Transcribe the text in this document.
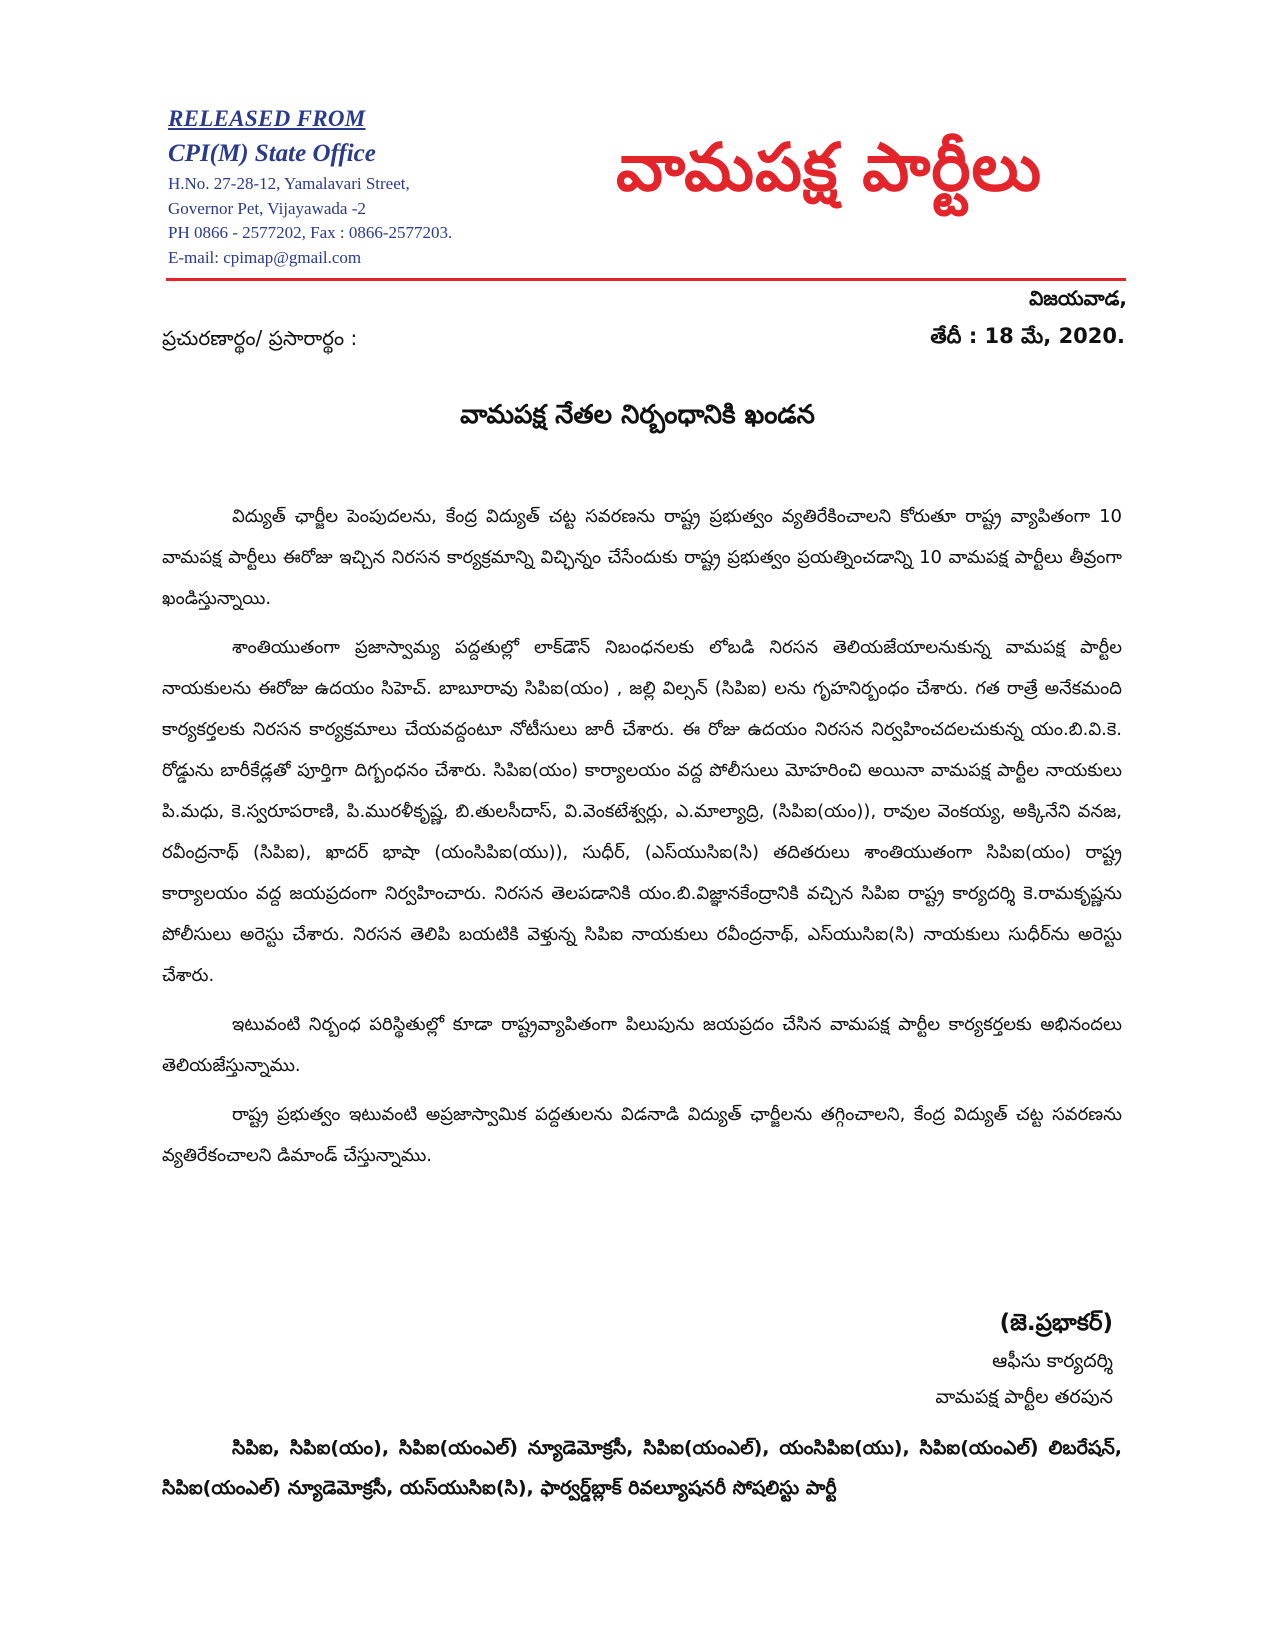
RELEASED FROM
CPI(M) State Office
H.No. 27-28-12, Yamalavari Street,
Governor Pet, Vijayawada -2
PH 0866 - 2577202, Fax : 0866-2577203.
E-mail: cpimap@gmail.com
వామపక్ష పార్టీలు
విజయవాడ,
ప్రచురణార్థం/ ప్రసారార్థం :	తేదీ : 18 మే, 2020.
వామపక్ష నేతల నిర్బంధానికి ఖండన

విద్యుత్ ఛార్జీల పెంపుదలను, కేంద్ర విద్యుత్ చట్ట సవరణను రాష్ట్ర ప్రభుత్వం వ్యతిరేకించాలని కోరుతూ రాష్ట్ర వ్యాపితంగా 10 వామపక్ష పార్టీలు ఈరోజు ఇచ్చిన నిరసన కార్యక్రమాన్ని విచ్ఛిన్నం చేసేందుకు రాష్ట్ర ప్రభుత్వం ప్రయత్నించడాన్ని 10 వామపక్ష పార్టీలు తీవ్రంగా ఖండిస్తున్నాయి.

శాంతియుతంగా ప్రజాస్వామ్య పద్దతుల్లో లాక్‌డౌన్ నిబంధనలకు లోబడి నిరసన తెలియజేయాలనుకున్న వామపక్ష పార్టీల నాయకులను ఈరోజు ఉదయం సిహెచ్. బాబూరావు సిపిఐ(యం) , జల్లి విల్సన్ (సిపిఐ) లను గృహనిర్బంధం చేశారు. గత రాత్రే అనేకమంది కార్యకర్తలకు నిరసన కార్యక్రమాలు చేయవద్దంటూ నోటీసులు జారీ చేశారు. ఈ రోజు ఉదయం నిరసన నిర్వహించదలచుకున్న యం.బి.వి.కె. రోడ్డును బారీకేడ్లతో పూర్తిగా దిగ్బంధనం చేశారు. సిపిఐ(యం) కార్యాలయం వద్ద పోలీసులు మోహరించి అయినా వామపక్ష పార్టీల నాయకులు పి.మధు, కె.స్వరూపరాణి, పి.మురళీకృష్ణ, బి.తులసీదాస్, వి.వెంకటేశ్వర్లు, ఎ.మాల్యాద్రి, (సిపిఐ(యం)), రావుల వెంకయ్య, అక్కినేని వనజ, రవీంద్రనాథ్ (సిపిఐ), ఖాదర్ భాషా (యంసిపిఐ(యు)), సుధీర్, (ఎస్‌యుసిఐ(సి) తదితరులు శాంతియుతంగా సిపిఐ(యం) రాష్ట్ర కార్యాలయం వద్ద జయప్రదంగా నిర్వహించారు. నిరసన తెలపడానికి యం.బి.విజ్ఞానకేంద్రానికి వచ్చిన సిపిఐ రాష్ట్ర కార్యదర్శి కె.రామకృష్ణను పోలీసులు అరెస్టు చేశారు. నిరసన తెలిపి బయటికి వెళ్తున్న సిపిఐ నాయకులు రవీంద్రనాథ్, ఎస్‌యుసిఐ(సి) నాయకులు సుధీర్‌ను అరెస్టు చేశారు.

ఇటువంటి నిర్బంధ పరిస్థితుల్లో కూడా రాష్ట్రవ్యాపితంగా పిలుపును జయప్రదం చేసిన వామపక్ష పార్టీల కార్యకర్తలకు అభినందలు తెలియజేస్తున్నాము.

రాష్ట్ర ప్రభుత్వం ఇటువంటి అప్రజాస్వామిక పద్దతులను విడనాడి విద్యుత్ ఛార్జీలను తగ్గించాలని, కేంద్ర విద్యుత్ చట్ట సవరణను వ్యతిరేకంచాలని డిమాండ్ చేస్తున్నాము.

(జె.ప్రభాకర్)
ఆఫీసు కార్యదర్శి
వామపక్ష పార్టీల తరపున
సిపిఐ, సిపిఐ(యం), సిపిఐ(యంఎల్) న్యూడెమోక్రసీ, సిపిఐ(యంఎల్), యంసిపిఐ(యు), సిపిఐ(యంఎల్) లిబరేషన్, సిపిఐ(యంఎల్) న్యూడెమోక్రసీ, యస్‌యుసిఐ(సి), ఫార్వర్డ్‌బ్లాక్ రివల్యూషనరీ సోషలిస్టు పార్టీ
